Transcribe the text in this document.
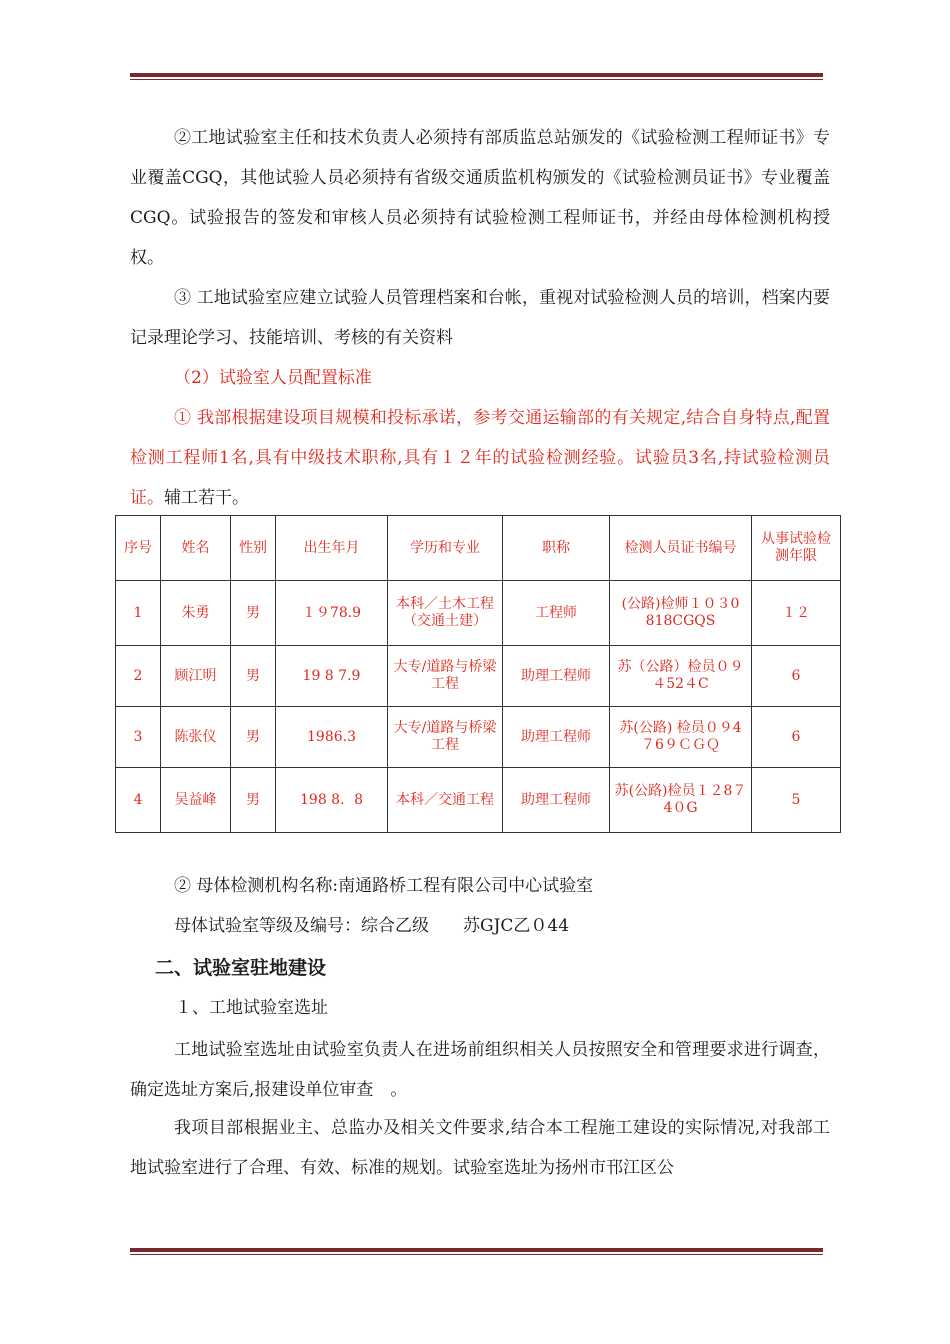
②工地试验室主任和技术负责人必须持有部质监总站颁发的《试验检测工程师证书》专业覆盖CGQ，其他试验人员必须持有省级交通质监机构颁发的《试验检测员证书》专业覆盖CGQ。试验报告的签发和审核人员必须持有试验检测工程师证书，并经由母体检测机构授权。

③ 工地试验室应建立试验人员管理档案和台帐，重视对试验检测人员的培训，档案内要记录理论学习、技能培训、考核的有关资料

（2）试验室人员配置标准

① 我部根据建设项目规模和投标承诺，参考交通运输部的有关规定,结合自身特点,配置检测工程师1名,具有中级技术职称,具有１２年的试验检测经验。试验员3名,持试验检测员证。辅工若干。

序号	姓名	性别	出生年月	学历和专业	职称	检测人员证书编号	从事试验检测年限
1	朱勇	男	１９78.9	本科／土木工程（交通土建）	工程师	(公路)检师１０３0 818CGQS	１２
2	顾江明	男	19 8 7.9	大专/道路与桥梁工程	助理工程师	苏（公路）检员０９４52４C	6
3	陈张仪	男	1986.3	大专/道路与桥梁工程	助理工程师	苏(公路) 检员０９4７6９ＣＧＱ	6
4	吴益峰	男	198 8．8	本科／交通工程	助理工程师	苏(公路)检员１２8７4０G	5

② 母体检测机构名称:南通路桥工程有限公司中心试验室

母体试验室等级及编号：综合乙级　　苏GJC乙０44

二、试验室驻地建设

１、工地试验室选址

工地试验室选址由试验室负责人在进场前组织相关人员按照安全和管理要求进行调查，确定选址方案后,报建设单位审查　。

我项目部根据业主、总监办及相关文件要求,结合本工程施工建设的实际情况,对我部工地试验室进行了合理、有效、标准的规划。试验室选址为扬州市邗江区公
